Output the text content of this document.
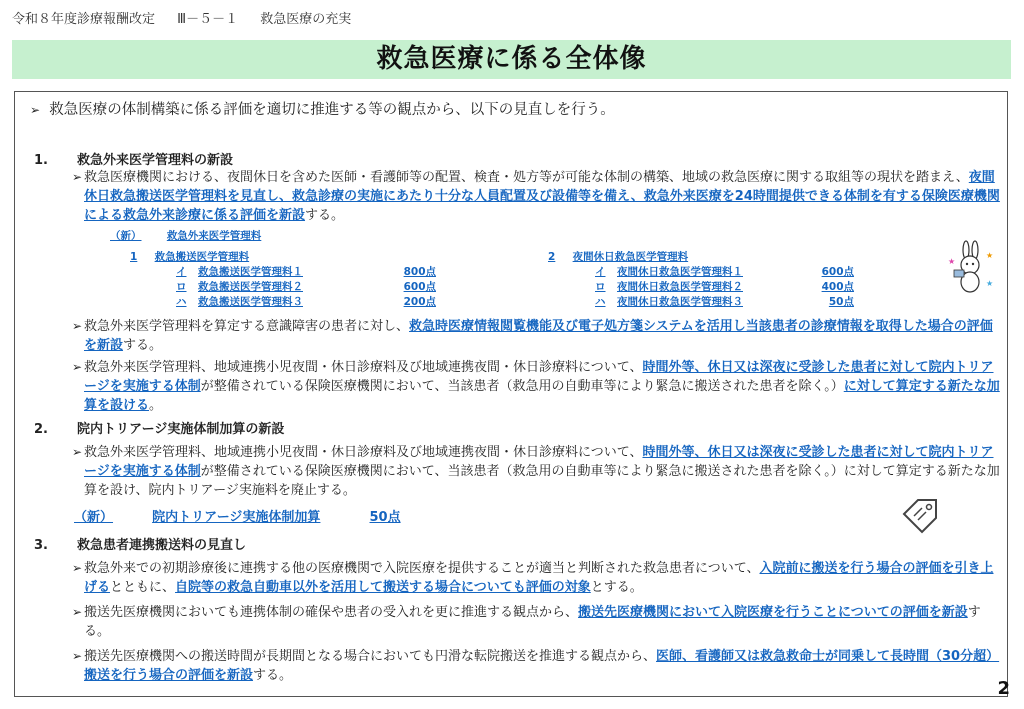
令和８年度診療報酬改定 Ⅲ－５－１ 救急医療の充実
救急医療に係る全体像
➢ 救急医療の体制構築に係る評価を適切に推進する等の観点から、以下の見直しを行う。
1. 救急外来医学管理料の新設
➢ 救急医療機関における、夜間休日を含めた医師・看護師等の配置、検査・処方等が可能な体制の構築、地域の救急医療に関する取組等の現状を踏まえ、夜間休日救急搬送医学管理料を見直し、救急診療の実施にあたり十分な人員配置及び設備等を備え、救急外来医療を24時間提供できる体制を有する保険医療機関による救急外来診療に係る評価を新設する。
（新） 救急外来医学管理料
1 救急搬送医学管理料
イ 救急搬送医学管理料１	800点
ロ 救急搬送医学管理料２	600点
ハ 救急搬送医学管理料３	200点
2 夜間休日救急医学管理料
イ 夜間休日救急医学管理料１	600点
ロ 夜間休日救急医学管理料２	400点
ハ 夜間休日救急医学管理料３	50点
★
★
★
➢ 救急外来医学管理料を算定する意識障害の患者に対し、救急時医療情報閲覧機能及び電子処方箋システムを活用し当該患者の診療情報を取得した場合の評価を新設する。
➢ 救急外来医学管理料、地域連携小児夜間・休日診療料及び地域連携夜間・休日診療料について、時間外等、休日又は深夜に受診した患者に対して院内トリアージを実施する体制が整備されている保険医療機関において、当該患者（救急用の自動車等により緊急に搬送された患者を除く。）に対して算定する新たな加算を設ける。
2. 院内トリアージ実施体制加算の新設
➢ 救急外来医学管理料、地域連携小児夜間・休日診療料及び地域連携夜間・休日診療料について、時間外等、休日又は深夜に受診した患者に対して院内トリアージを実施する体制が整備されている保険医療機関において、当該患者（救急用の自動車等により緊急に搬送された患者を除く。）に対して算定する新たな加算を設け、院内トリアージ実施料を廃止する。
（新）	院内トリアージ実施体制加算	50点
3. 救急患者連携搬送料の見直し
➢ 救急外来での初期診療後に連携する他の医療機関で入院医療を提供することが適当と判断された救急患者について、入院前に搬送を行う場合の評価を引き上げるとともに、自院等の救急自動車以外を活用して搬送する場合についても評価の対象とする。
➢ 搬送先医療機関においても連携体制の確保や患者の受入れを更に推進する観点から、搬送先医療機関において入院医療を行うことについての評価を新設する。
➢ 搬送先医療機関への搬送時間が長期間となる場合においても円滑な転院搬送を推進する観点から、医師、看護師又は救急救命士が同乗して長時間（30分超）搬送を行う場合の評価を新設する。
2
